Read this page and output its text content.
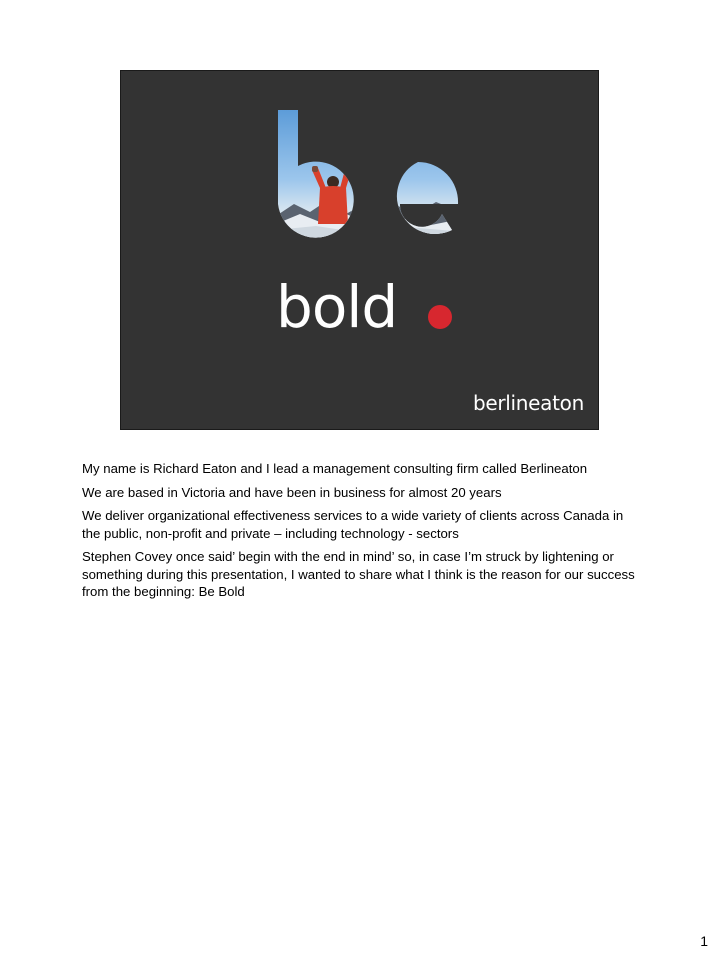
bold
berlineaton

My name is Richard Eaton and I lead a management consulting firm called Berlineaton

We are based in Victoria and have been in business for almost 20 years

We deliver organizational effectiveness services to a wide variety of clients across Canada in the public, non-profit and private – including technology - sectors

Stephen Covey once said’ begin with the end in mind’ so, in case I’m struck by lightening or something during this presentation, I wanted to share what I think is the reason for our success from the beginning: Be Bold

1
